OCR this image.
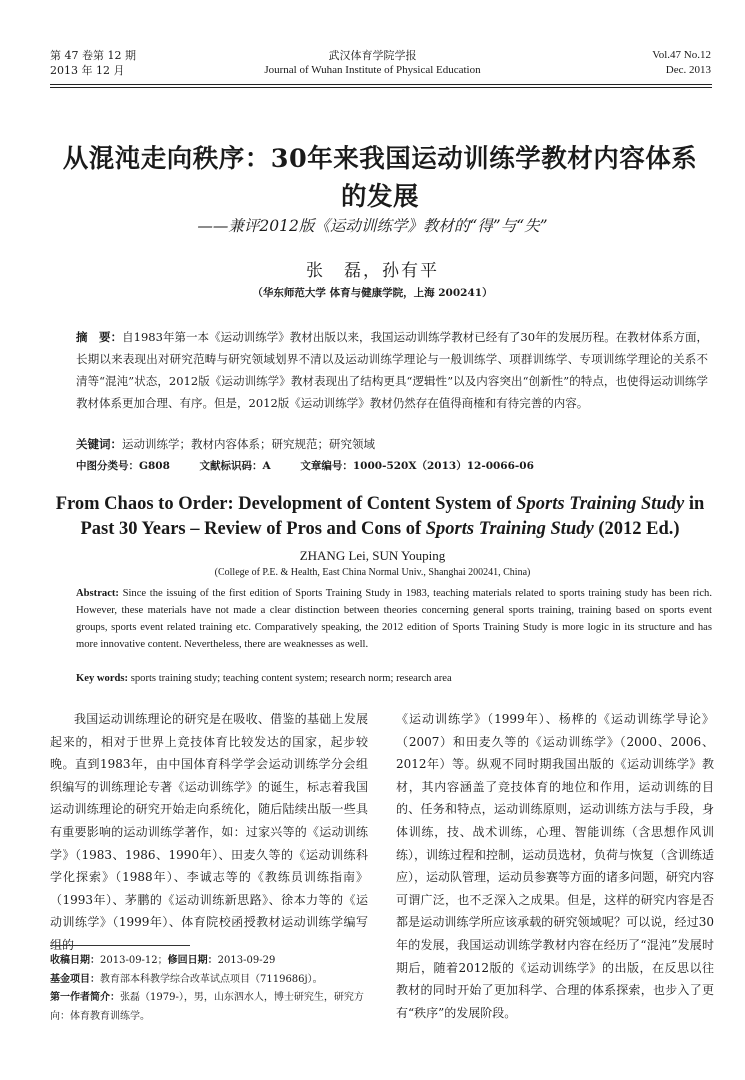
第 47 卷第 12 期
2013 年 12 月
武汉体育学院学报
Journal of Wuhan Institute of Physical Education
Vol.47 No.12
Dec. 2013
从混沌走向秩序：30年来我国运动训练学教材内容体系
的发展
——兼评2012版《运动训练学》教材的“得”与“失”
张　磊，孙有平
（华东师范大学 体育与健康学院，上海 200241）
摘　要：自1983年第一本《运动训练学》教材出版以来，我国运动训练学教材已经有了30年的发展历程。在教材体系方面，长期以来表现出对研究范畴与研究领域划界不清以及运动训练学理论与一般训练学、项群训练学、专项训练学理论的关系不清等“混沌”状态，2012版《运动训练学》教材表现出了结构更具“逻辑性”以及内容突出“创新性”的特点，也使得运动训练学教材体系更加合理、有序。但是，2012版《运动训练学》教材仍然存在值得商榷和有待完善的内容。
关键词：运动训练学；教材内容体系；研究规范；研究领域
中图分类号：G808	文献标识码：A	文章编号：1000-520X（2013）12-0066-06
From Chaos to Order: Development of Content System of Sports Training Study in
Past 30 Years – Review of Pros and Cons of Sports Training Study (2012 Ed.)
ZHANG Lei, SUN Youping
(College of P.E. & Health, East China Normal Univ., Shanghai 200241, China)
Abstract: Since the issuing of the first edition of Sports Training Study in 1983, teaching materials related to sports training study has been rich. However, these materials have not made a clear distinction between theories concerning general sports training, training based on sports event groups, sports event related training etc. Comparatively speaking, the 2012 edition of Sports Training Study is more logic in its structure and has more innovative content. Nevertheless, there are weaknesses as well.
Key words: sports training study; teaching content system; research norm; research area

我国运动训练理论的研究是在吸收、借鉴的基础上发展起来的，相对于世界上竞技体育比较发达的国家，起步较晚。直到1983年，由中国体育科学学会运动训练学分会组织编写的训练理论专著《运动训练学》的诞生，标志着我国运动训练理论的研究开始走向系统化，随后陆续出版一些具有重要影响的运动训练学著作，如：过家兴等的《运动训练学》（1983、1986、1990年）、田麦久等的《运动训练科学化探索》（1988年）、李诚志等的《教练员训练指南》（1993年）、茅鹏的《运动训练新思路》、徐本力等的《运动训练学》（1999年）、体育院校函授教材运动训练学编写组的

《运动训练学》（1999年）、杨桦的《运动训练学导论》（2007）和田麦久等的《运动训练学》（2000、2006、2012年）等。纵观不同时期我国出版的《运动训练学》教材，其内容涵盖了竞技体育的地位和作用，运动训练的目的、任务和特点，运动训练原则，运动训练方法与手段，身体训练，技、战术训练，心理、智能训练（含思想作风训练），训练过程和控制，运动员选材，负荷与恢复（含训练适应），运动队管理，运动员参赛等方面的诸多问题，研究内容可谓广泛，也不乏深入之成果。但是，这样的研究内容是否都是运动训练学所应该承载的研究领域呢？可以说，经过30年的发展，我国运动训练学教材内容在经历了“混沌”发展时期后，随着2012版的《运动训练学》的出版，在反思以往教材的同时开始了更加科学、合理的体系探索，也步入了更有“秩序”的发展阶段。

收稿日期：2013-09-12；修回日期：2013-09-29

基金项目：教育部本科教学综合改革试点项目（7119686j）。

第一作者简介：张磊（1979-），男，山东泗水人，博士研究生，研究方向：体育教育训练学。
